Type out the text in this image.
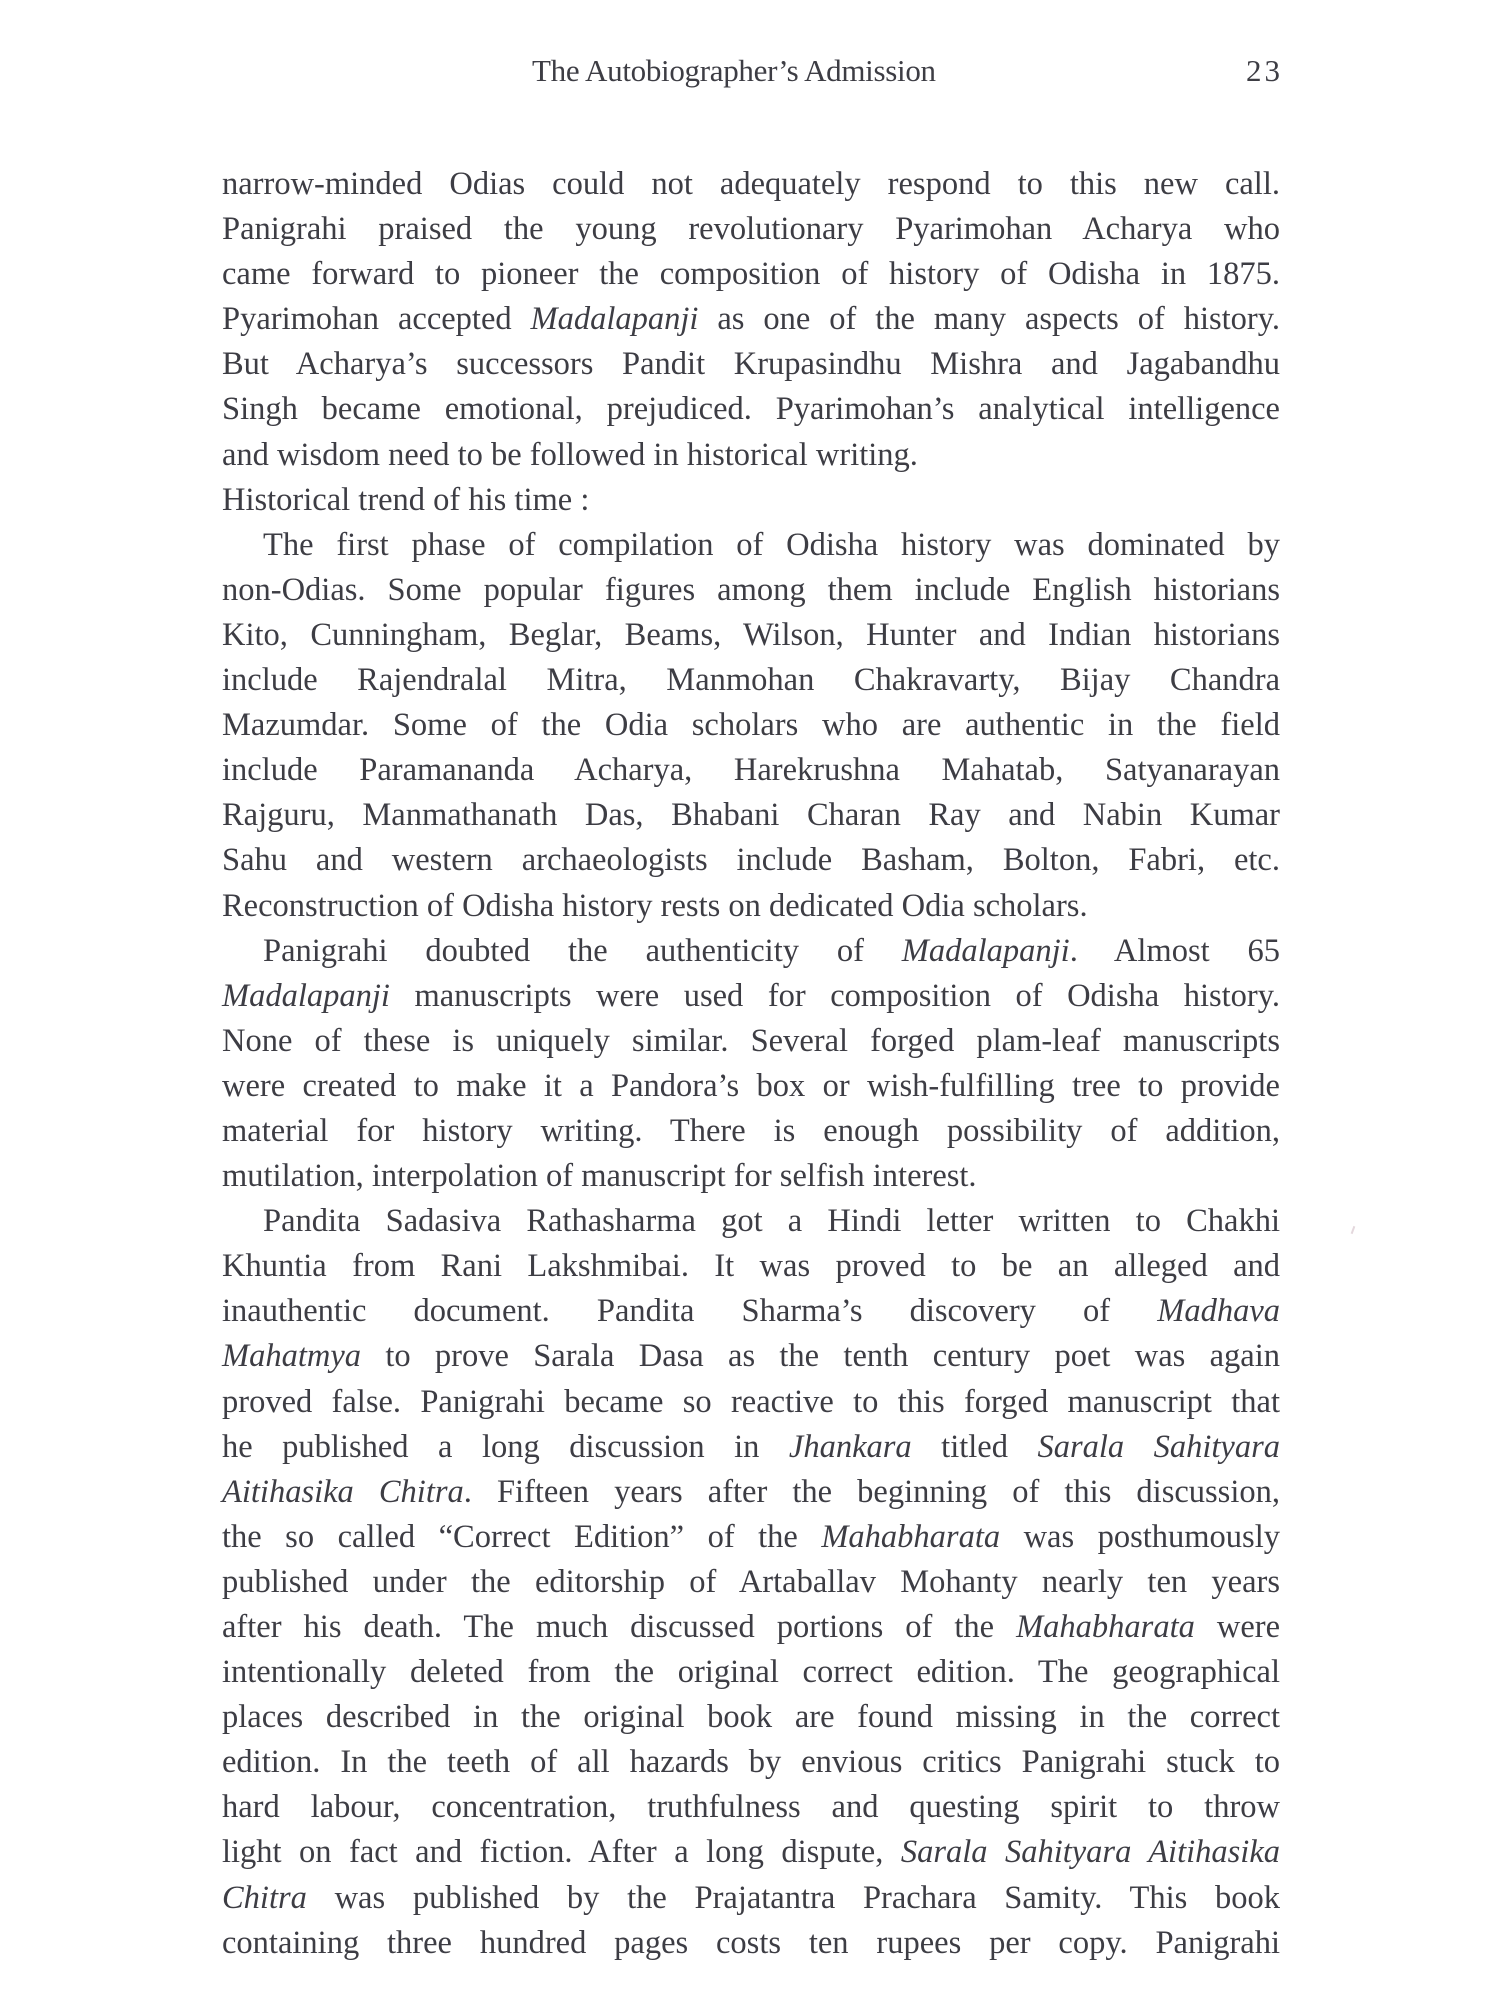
The Autobiographer’s Admission	23
narrow-minded Odias could not adequately respond to this new call.
Panigrahi praised the young revolutionary Pyarimohan Acharya who
came forward to pioneer the composition of history of Odisha in 1875.
Pyarimohan accepted Madalapanji as one of the many aspects of history.
But Acharya’s successors Pandit Krupasindhu Mishra and Jagabandhu
Singh became emotional, prejudiced. Pyarimohan’s analytical intelligence
and wisdom need to be followed in historical writing.
Historical trend of his time :
The first phase of compilation of Odisha history was dominated by
non-Odias. Some popular figures among them include English historians
Kito, Cunningham, Beglar, Beams, Wilson, Hunter and Indian historians
include Rajendralal Mitra, Manmohan Chakravarty, Bijay Chandra
Mazumdar. Some of the Odia scholars who are authentic in the field
include Paramananda Acharya, Harekrushna Mahatab, Satyanarayan
Rajguru, Manmathanath Das, Bhabani Charan Ray and Nabin Kumar
Sahu and western archaeologists include Basham, Bolton, Fabri, etc.
Reconstruction of Odisha history rests on dedicated Odia scholars.
Panigrahi doubted the authenticity of Madalapanji. Almost 65
Madalapanji manuscripts were used for composition of Odisha history.
None of these is uniquely similar. Several forged plam-leaf manuscripts
were created to make it a Pandora’s box or wish-fulfilling tree to provide
material for history writing. There is enough possibility of addition,
mutilation, interpolation of manuscript for selfish interest.
Pandita Sadasiva Rathasharma got a Hindi letter written to Chakhi
Khuntia from Rani Lakshmibai. It was proved to be an alleged and
inauthentic document. Pandita Sharma’s discovery of Madhava
Mahatmya to prove Sarala Dasa as the tenth century poet was again
proved false. Panigrahi became so reactive to this forged manuscript that
he published a long discussion in Jhankara titled Sarala Sahityara
Aitihasika Chitra. Fifteen years after the beginning of this discussion,
the so called “Correct Edition” of the Mahabharata was posthumously
published under the editorship of Artaballav Mohanty nearly ten years
after his death. The much discussed portions of the Mahabharata were
intentionally deleted from the original correct edition. The geographical
places described in the original book are found missing in the correct
edition. In the teeth of all hazards by envious critics Panigrahi stuck to
hard labour, concentration, truthfulness and questing spirit to throw
light on fact and fiction. After a long dispute, Sarala Sahityara Aitihasika
Chitra was published by the Prajatantra Prachara Samity. This book
containing three hundred pages costs ten rupees per copy. Panigrahi
